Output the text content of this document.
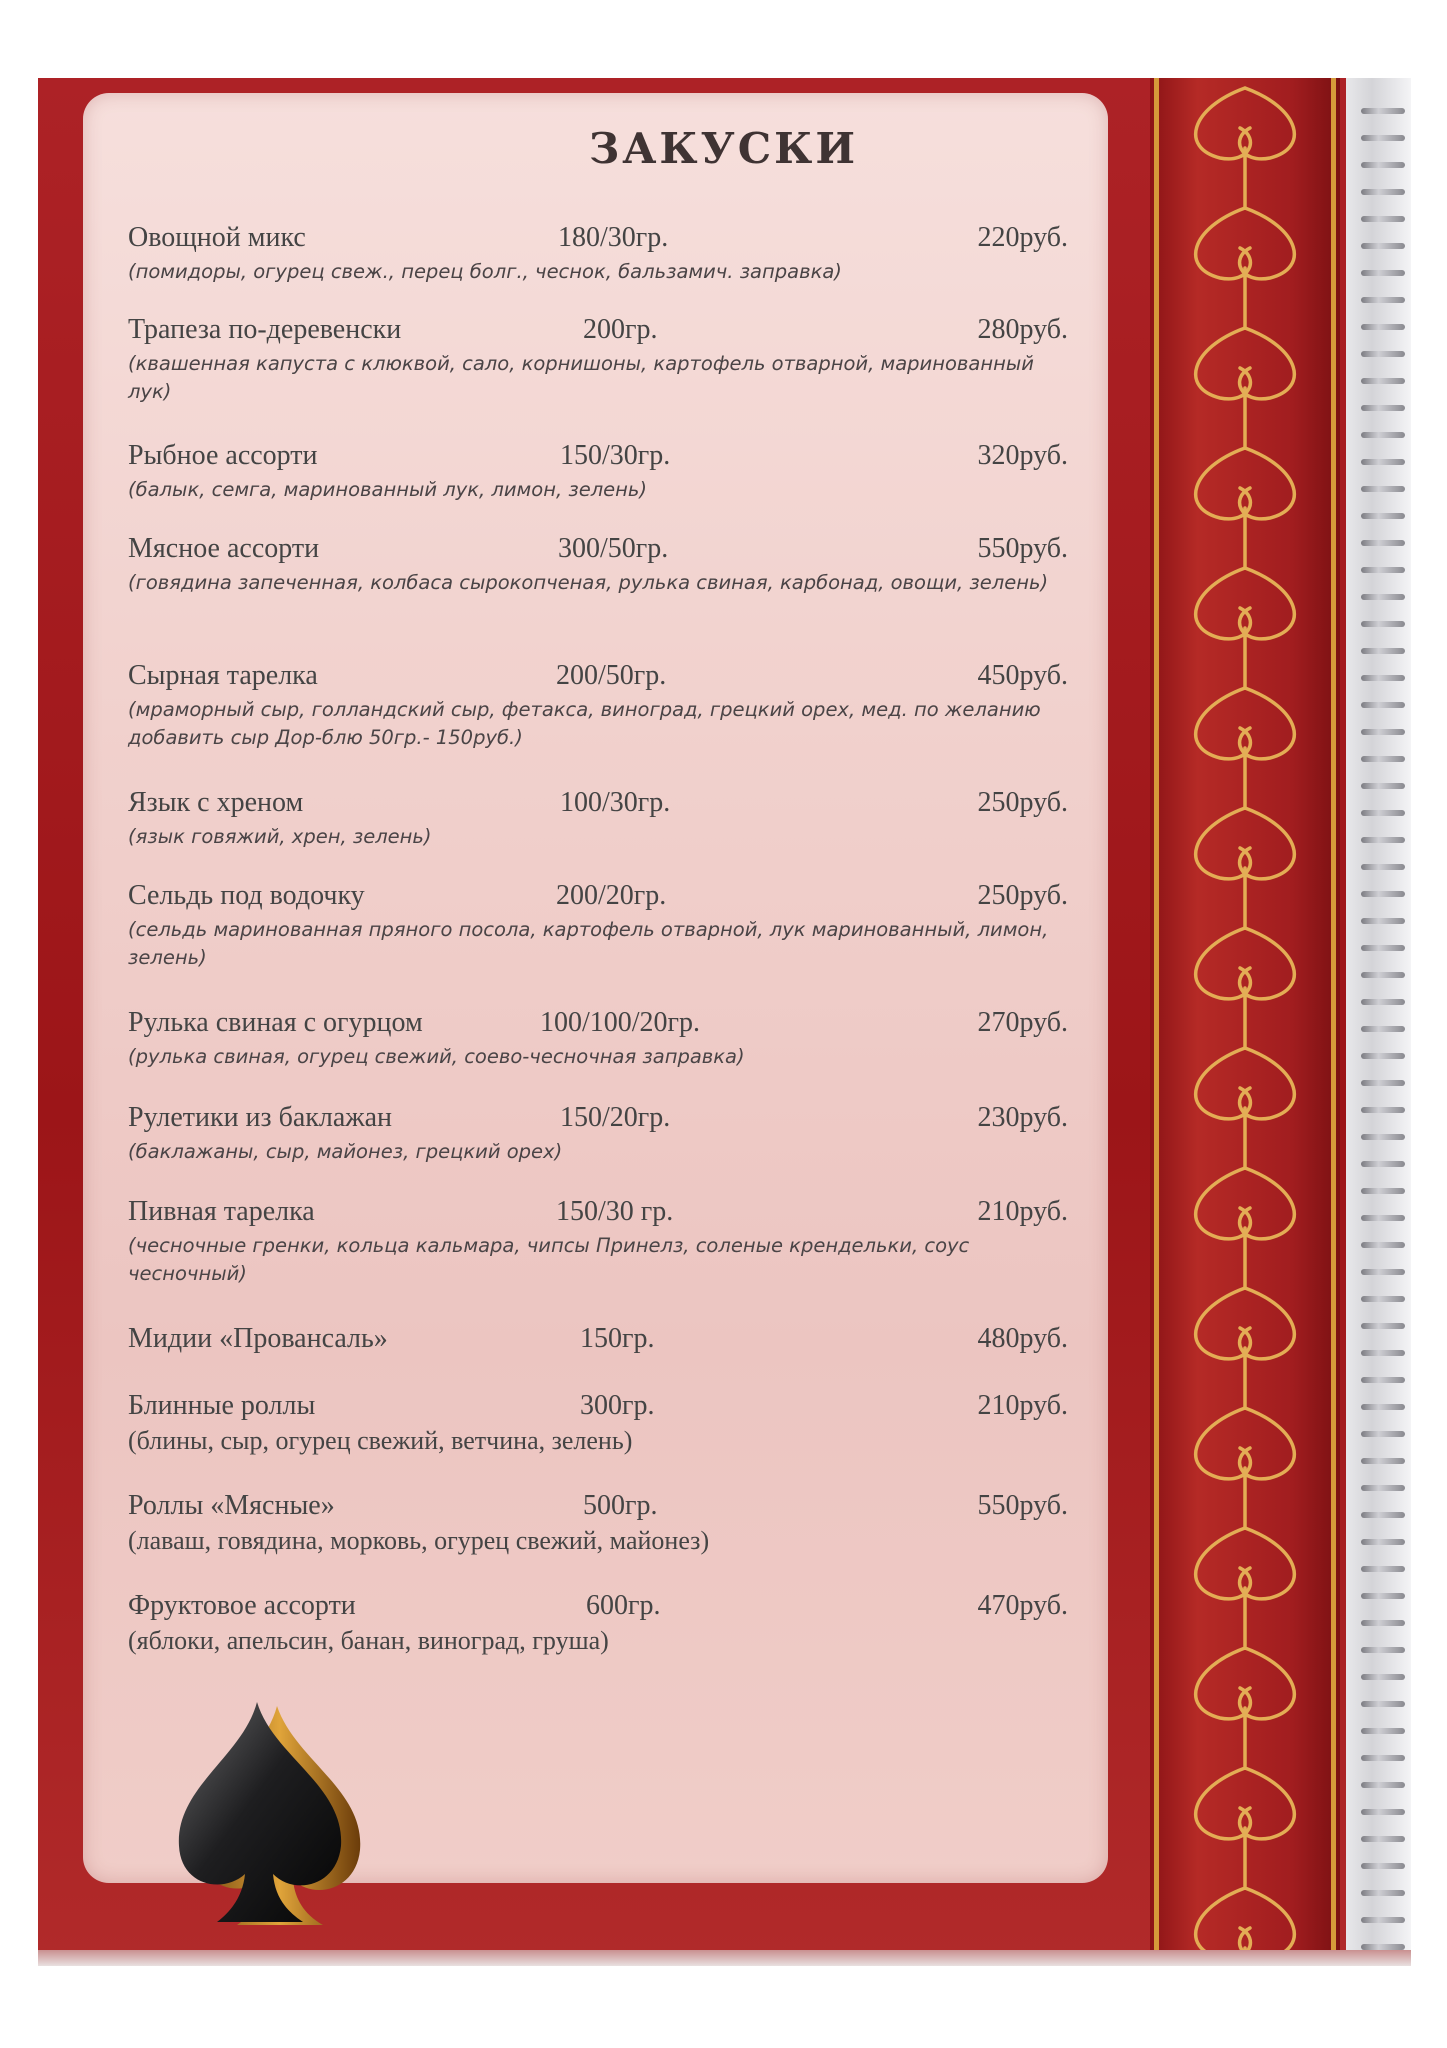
закуски
Овощной микс	180/30гр.	220руб.
(помидоры, огурец свеж., перец болг., чеснок, бальзамич. заправка)
Трапеза по-деревенски	200гр.	280руб.
(квашенная капуста с клюквой, сало, корнишоны, картофель отварной, маринованный лук)
Рыбное ассорти	150/30гр.	320руб.
(балык, семга, маринованный лук, лимон, зелень)
Мясное ассорти	300/50гр.	550руб.
(говядина запеченная, колбаса сырокопченая, рулька свиная, карбонад, овощи, зелень)
Сырная тарелка	200/50гр.	450руб.
(мраморный сыр, голландский сыр, фетакса, виноград, грецкий орех, мед. по желанию добавить сыр Дор-блю 50гр.- 150руб.)
Язык с хреном	100/30гр.	250руб.
(язык говяжий, хрен, зелень)
Сельдь под водочку	200/20гр.	250руб.
(сельдь маринованная пряного посола, картофель отварной, лук маринованный, лимон, зелень)
Рулька свиная с огурцом	100/100/20гр.	270руб.
(рулька свиная, огурец свежий, соево-чесночная заправка)
Рулетики из баклажан	150/20гр.	230руб.
(баклажаны, сыр, майонез, грецкий орех)
Пивная тарелка	150/30 гр.	210руб.
(чесночные гренки, кольца кальмара, чипсы Принелз, соленые крендельки, соус чесночный)
Мидии «Провансаль»	150гр.	480руб.
Блинные роллы	300гр.	210руб.
(блины, сыр, огурец свежий, ветчина, зелень)
Роллы «Мясные»	500гр.	550руб.
(лаваш, говядина, морковь, огурец свежий, майонез)
Фруктовое ассорти	600гр.	470руб.
(яблоки, апельсин, банан, виноград, груша)
